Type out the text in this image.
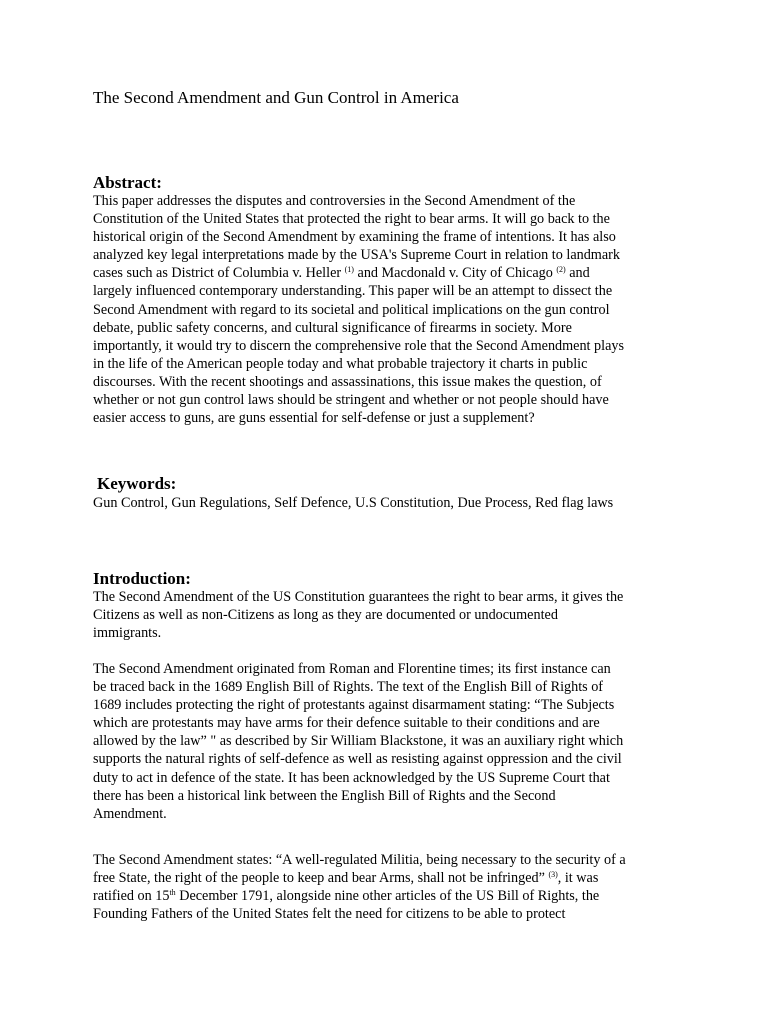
The Second Amendment and Gun Control in America
Abstract:
This paper addresses the disputes and controversies in the Second Amendment of the
Constitution of the United States that protected the right to bear arms. It will go back to the
historical origin of the Second Amendment by examining the frame of intentions. It has also
analyzed key legal interpretations made by the USA's Supreme Court in relation to landmark
cases such as District of Columbia v. Heller $^{(1)}$ and Macdonald v. City of Chicago $^{(2)}$ and
largely influenced contemporary understanding. This paper will be an attempt to dissect the
Second Amendment with regard to its societal and political implications on the gun control
debate, public safety concerns, and cultural significance of firearms in society. More
importantly, it would try to discern the comprehensive role that the Second Amendment plays
in the life of the American people today and what probable trajectory it charts in public
discourses. With the recent shootings and assassinations, this issue makes the question, of
whether or not gun control laws should be stringent and whether or not people should have
easier access to guns, are guns essential for self-defense or just a supplement?
Keywords:
Gun Control, Gun Regulations, Self Defence, U.S Constitution, Due Process, Red flag laws
Introduction:
The Second Amendment of the US Constitution guarantees the right to bear arms, it gives the
Citizens as well as non-Citizens as long as they are documented or undocumented
immigrants.
The Second Amendment originated from Roman and Florentine times; its first instance can
be traced back in the 1689 English Bill of Rights. The text of the English Bill of Rights of
1689 includes protecting the right of protestants against disarmament stating: “The Subjects
which are protestants may have arms for their defence suitable to their conditions and are
allowed by the law” " as described by Sir William Blackstone, it was an auxiliary right which
supports the natural rights of self-defence as well as resisting against oppression and the civil
duty to act in defence of the state. It has been acknowledged by the US Supreme Court that
there has been a historical link between the English Bill of Rights and the Second
Amendment.
The Second Amendment states: “A well-regulated Militia, being necessary to the security of a
free State, the right of the people to keep and bear Arms, shall not be infringed” $^{(3)}$, it was
ratified on 15th December 1791, alongside nine other articles of the US Bill of Rights, the
Founding Fathers of the United States felt the need for citizens to be able to protect
